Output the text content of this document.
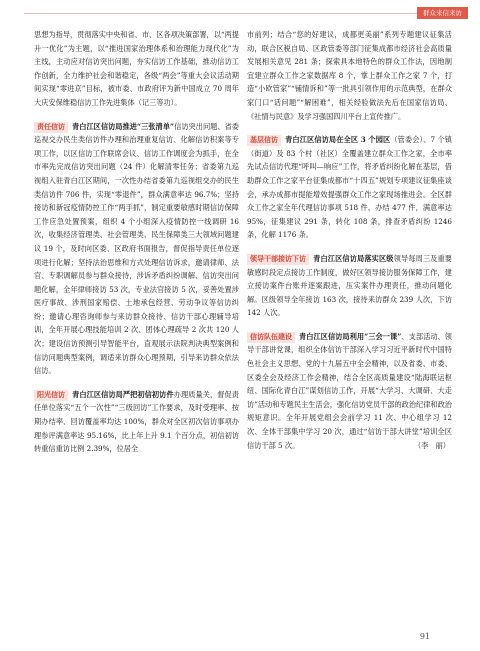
群众来信来访

思想为指导，贯彻落实中央和省、市、区各项决策部署，以“两提升一优化”为主题，以“推进国家治理体系和治理能力现代化”为主线，主动应对信访突出问题，夯实信访工作基础，推动信访工作创新，全力维护社会和谐稳定，各级“两会”等重大会议活动期间实现“零进京”目标，被市委、市政府评为新中国成立 70 周年大庆安保维稳信访工作先进集体（记三等功）。

责任信访 青白江区信访局推进“三张清单”信访突出问题、省委巡视交办民生类信访件办理和治理重复信访、化解信访积案等专项工作，以区信访工作联席会议、信访工作调度会为抓手，在全市率先完成信访突出问题（24 件）化解清零任务；省委第九巡视组入驻青白江区期间，一次性办结省委第九巡视组交办的民生类信访件 706 件，实现“零退件”，群众满意率达 96.7%；坚持接访和新冠疫情防控工作“两手抓”，制定重要敏感时期信访保障工作应急处置预案，组织 4 个小组深入疫情防控一线调研 16 次，收集经济管理类、社会管理类、民生保障类三大领域问题建议 19 个，及时向区委、区政府书面报告，督促指导责任单位逐项进行化解；坚持法治思维和方式处理信访诉求，邀请律师、法官、专职调解员参与群众接待，涉诉矛盾纠纷调解、信访突出问题化解，全年律师接访 53 次，专业法官接访 5 次，妥善处置涉医疗事故、涉刑国家赔偿、土地承包经营、劳动争议等信访纠纷；邀请心理咨询师参与来访群众接待、信访干部心理辅导培训，全年开展心理技能培训 2 次、团体心理疏导 2 次共 120 人次；建设信访预测引导智能平台，直观展示法院判决典型案例和信访问题典型案例，调适来访群众心理预期，引导来访群众依法信访。

阳光信访 青白江区信访局严把初信初访件办理质量关，督促责任单位落实“五个一次性”“三级回访”工作要求，及时受理率、按期办结率、回访覆盖率均达 100%，群众对全区初次信访事项办理参评满意率达 95.16%，比上年上升 9.1 个百分点，初信初访转重信重访比例 2.39%，位居全

市前列；结合“您的好建议，成都更美丽”系列专题建议征集活动，联合区税自局、区政管委等部门征集成都市经济社会高质量发展相关意见 281 条；探索具本地特色的群众工作法，因地制宜建立群众工作之家数据库 8 个，掌上群众工作之家 7 个，打造“小欧管家”“铺情诉和”等一批具引领作用的示范典型，在群众家门口“话问题”“解困难”，相关经验做法先后在国家信访局、《社情与民意》及学习强国四川平台上宣传推广。

基层信访 青白江区信访局在全区 3 个园区（管委会）、7 个镇（街道）及 83 个村（社区）全覆盖建立群众工作之家，全市率先试点信访代理“呼叫—响应”工作，将矛盾纠纷化解在基层，借助群众工作之家平台征集成都市“十四五”规划专项建议征集座谈会，承办成都市提能增效提强群众工作之家现场推进会。全区群众工作之家全年代理信访事项 518 件，办结 477 件，满意率达 95%，征集建议 291 条，转化 108 条，排查矛盾纠纷 1246 条，化解 1176 条。

领导干部接访下访 青白江区信访局落实区级领导每周三及重要敏感时段定点接访工作制度，做好区领导接访服务保障工作，建立接访案件台账并逐案跟进，压实案件办理责任，推动问题化解。区级领导全年接访 163 次，接待来访群众 239 人次，下访 142 人次。

信访队伍建设 青白江区信访局利用“三会一课”、支部活动、领导干部讲党课，组织全体信访干部深入学习习近平新时代中国特色社会主义思想、党的十九届五中全会精神，以及省委、市委、区委全会及经济工作会精神，结合全区高质量建设“陆海联运枢纽、国际化青白江”谋划信访工作，开展“大学习、大调研、大走访”活动和专题民主生活会，强化信访党员干部的政治纪律和政治规矩意识。全年开展党组会会前学习 11 次、中心组学习 12 次、全体干部集中学习 20 次，通过“信访干部大讲堂”培训全区信访干部 5 次。	（李　丽）

91
